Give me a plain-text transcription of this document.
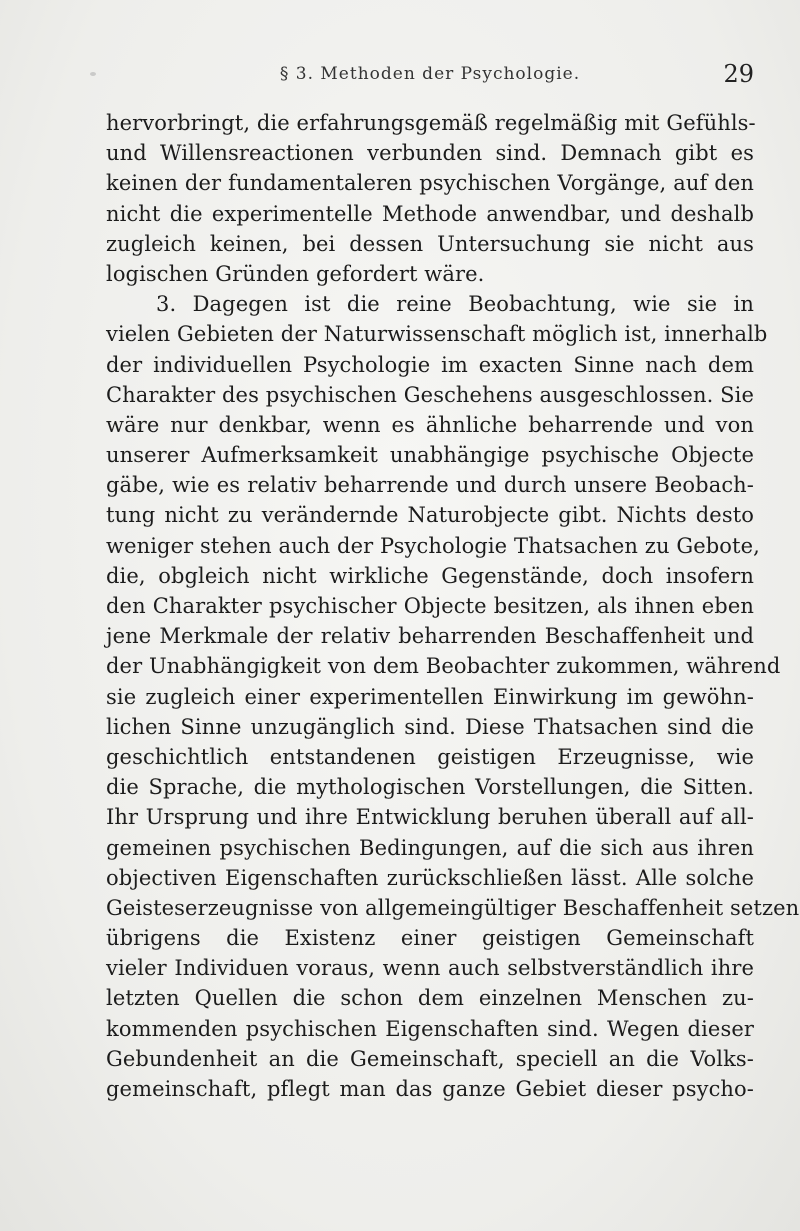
§ 3. Methoden der Psychologie.	29
hervorbringt, die erfahrungsgemäß regelmäßig mit Gefühls-
und Willensreactionen verbunden sind. Demnach gibt es
keinen der fundamentaleren psychischen Vorgänge, auf den
nicht die experimentelle Methode anwendbar, und deshalb
zugleich keinen, bei dessen Untersuchung sie nicht aus
logischen Gründen gefordert wäre.
3. Dagegen ist die reine Beobachtung, wie sie in
vielen Gebieten der Naturwissenschaft möglich ist, innerhalb
der individuellen Psychologie im exacten Sinne nach dem
Charakter des psychischen Geschehens ausgeschlossen. Sie
wäre nur denkbar, wenn es ähnliche beharrende und von
unserer Aufmerksamkeit unabhängige psychische Objecte
gäbe, wie es relativ beharrende und durch unsere Beobach-
tung nicht zu verändernde Naturobjecte gibt. Nichts desto
weniger stehen auch der Psychologie Thatsachen zu Gebote,
die, obgleich nicht wirkliche Gegenstände, doch insofern
den Charakter psychischer Objecte besitzen, als ihnen eben
jene Merkmale der relativ beharrenden Beschaffenheit und
der Unabhängigkeit von dem Beobachter zukommen, während
sie zugleich einer experimentellen Einwirkung im gewöhn-
lichen Sinne unzugänglich sind. Diese Thatsachen sind die
geschichtlich entstandenen geistigen Erzeugnisse, wie
die Sprache, die mythologischen Vorstellungen, die Sitten.
Ihr Ursprung und ihre Entwicklung beruhen überall auf all-
gemeinen psychischen Bedingungen, auf die sich aus ihren
objectiven Eigenschaften zurückschließen lässt. Alle solche
Geisteserzeugnisse von allgemeingültiger Beschaffenheit setzen
übrigens die Existenz einer geistigen Gemeinschaft
vieler Individuen voraus, wenn auch selbstverständlich ihre
letzten Quellen die schon dem einzelnen Menschen zu-
kommenden psychischen Eigenschaften sind. Wegen dieser
Gebundenheit an die Gemeinschaft, speciell an die Volks-
gemeinschaft, pflegt man das ganze Gebiet dieser psycho-
